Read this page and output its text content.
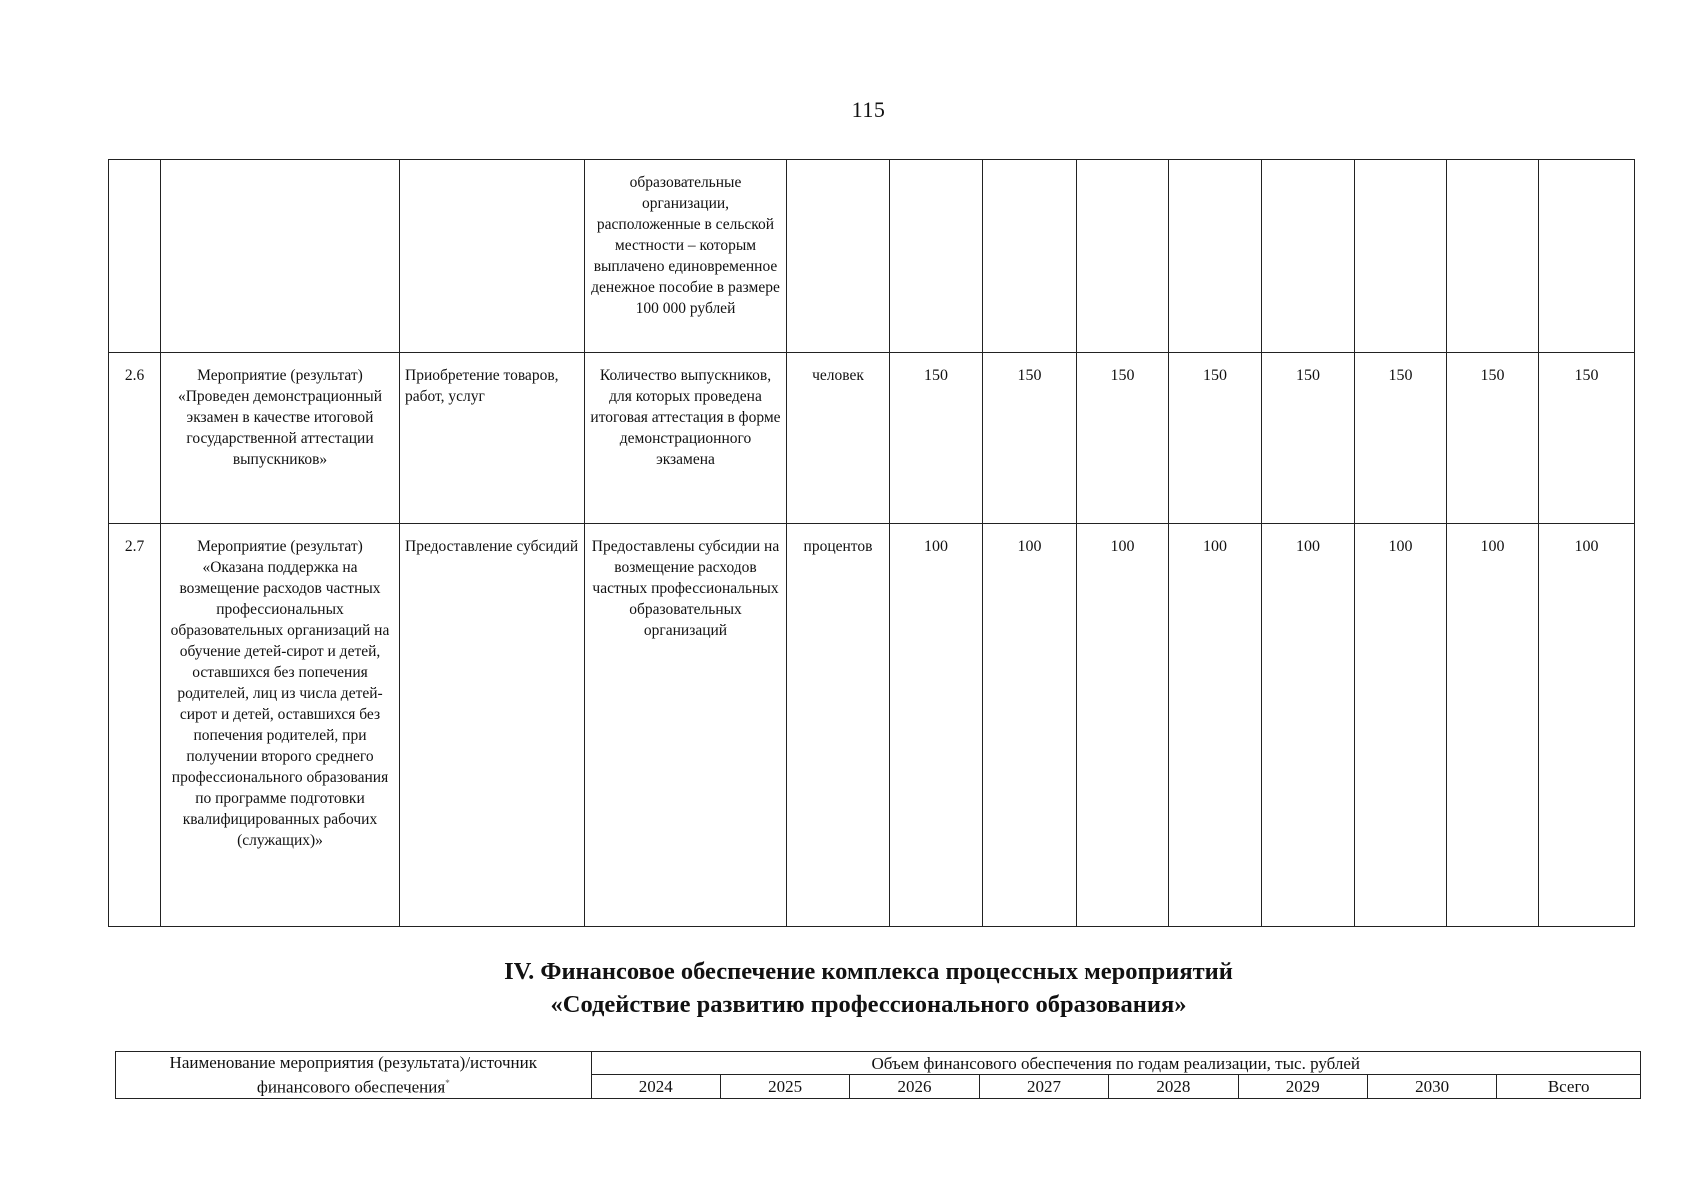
115
			образовательные организации, расположенные в сельской местности – которым выплачено единовременное денежное пособие в размере 100 000 рублей									
2.6	Мероприятие (результат) «Проведен демонстрационный экзамен в качестве итоговой государственной аттестации выпускников»	Приобретение товаров, работ, услуг	Количество выпускников, для которых проведена итоговая аттестация в форме демонстрационного экзамена	человек	150	150	150	150	150	150	150	150
2.7	Мероприятие (результат) «Оказана поддержка на возмещение расходов частных профессиональных образовательных организаций на обучение детей-сирот и детей, оставшихся без попечения родителей, лиц из числа детей-сирот и детей, оставшихся без попечения родителей, при получении второго среднего профессионального образования по программе подготовки квалифицированных рабочих (служащих)»	Предоставление субсидий	Предоставлены субсидии на возмещение расходов частных профессиональных образовательных организаций	процентов	100	100	100	100	100	100	100	100
IV. Финансовое обеспечение комплекса процессных мероприятий
«Содействие развитию профессионального образования»
Наименование мероприятия (результата)/источник
финансового обеспечения*	Объем финансового обеспечения по годам реализации, тыс. рублей							
	2024	2025	2026	2027	2028	2029	2030	Всего
